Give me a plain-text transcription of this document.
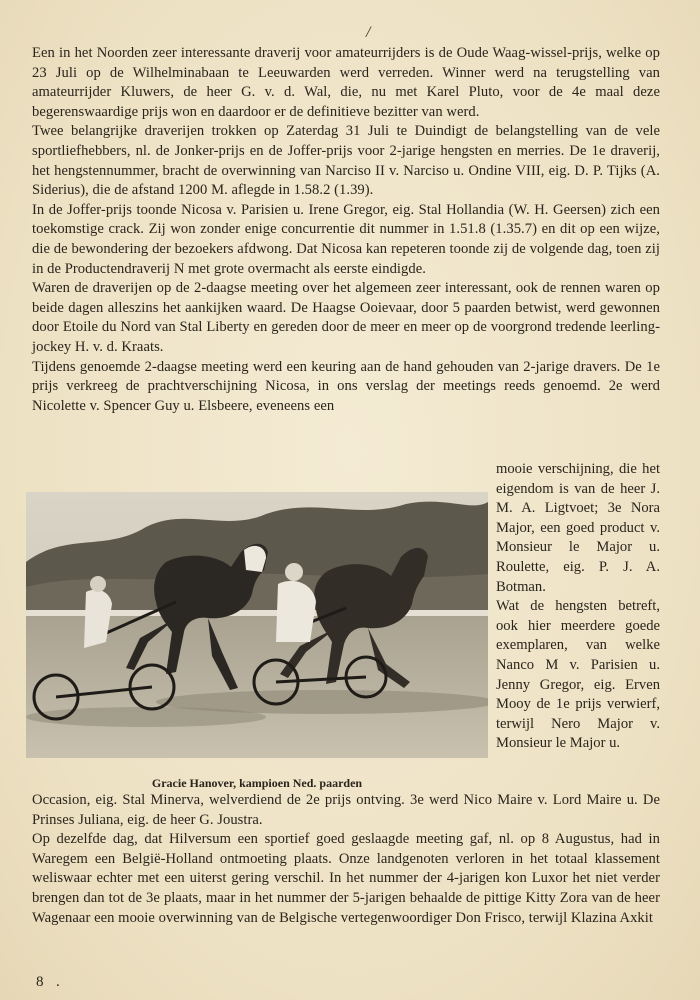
/

Een in het Noorden zeer interessante draverij voor amateurrijders is de Oude Waag-wissel-prijs, welke op 23 Juli op de Wilhelminabaan te Leeuwarden werd verreden. Winner werd na terugstelling van amateurrijder Kluwers, de heer G. v. d. Wal, die, nu met Karel Pluto, voor de 4e maal deze begerenswaardige prijs won en daardoor er de definitieve bezitter van werd.

Twee belangrijke draverijen trokken op Zaterdag 31 Juli te Duindigt de belangstelling van de vele sportliefhebbers, nl. de Jonker-prijs en de Joffer-prijs voor 2-jarige hengsten en merries. De 1e draverij, het hengstennummer, bracht de overwinning van Narciso II v. Narciso u. Ondine VIII, eig. D. P. Tijks (A. Siderius), die de afstand 1200 M. aflegde in 1.58.2 (1.39).

In de Joffer-prijs toonde Nicosa v. Parisien u. Irene Gregor, eig. Stal Hollandia (W. H. Geersen) zich een toekomstige crack. Zij won zonder enige concurrentie dit nummer in 1.51.8 (1.35.7) en dit op een wijze, die de bewondering der bezoekers afdwong. Dat Nicosa kan repeteren toonde zij de volgende dag, toen zij in de Productendraverij N met grote overmacht als eerste eindigde.

Waren de draverijen op de 2-daagse meeting over het algemeen zeer interessant, ook de rennen waren op beide dagen alleszins het aankijken waard. De Haagse Ooievaar, door 5 paarden betwist, werd gewonnen door Etoile du Nord van Stal Liberty en gereden door de meer en meer op de voorgrond tredende leerling-jockey H. v. d. Kraats.

Tijdens genoemde 2-daagse meeting werd een keuring aan de hand gehouden van 2-jarige dravers. De 1e prijs verkreeg de prachtverschijning Nicosa, in ons verslag der meetings reeds genoemd. 2e werd Nicolette v. Spencer Guy u. Elsbeere, eveneens een

Gracie Hanover, kampioen Ned. paarden

mooie verschijning, die het eigendom is van de heer J. M. A. Ligtvoet; 3e Nora Major, een goed product v. Monsieur le Major u. Roulette, eig. P. J. A. Botman.

Wat de hengsten betreft, ook hier meerdere goede exemplaren, van welke Nanco M v. Parisien u. Jenny Gregor, eig. Erven Mooy de 1e prijs verwierf, terwijl Nero Major v. Monsieur le Major u.

Occasion, eig. Stal Minerva, welverdiend de 2e prijs ontving. 3e werd Nico Maire v. Lord Maire u. De Prinses Juliana, eig. de heer G. Joustra.

Op dezelfde dag, dat Hilversum een sportief goed geslaagde meeting gaf, nl. op 8 Augustus, had in Waregem een België-Holland ontmoeting plaats. Onze landgenoten verloren in het totaal klassement weliswaar echter met een uiterst gering verschil. In het nummer der 4-jarigen kon Luxor het niet verder brengen dan tot de 3e plaats, maar in het nummer der 5-jarigen behaalde de pittige Kitty Zora van de heer Wagenaar een mooie overwinning van de Belgische vertegenwoordiger Don Frisco, terwijl Klazina Axkit

8 .
